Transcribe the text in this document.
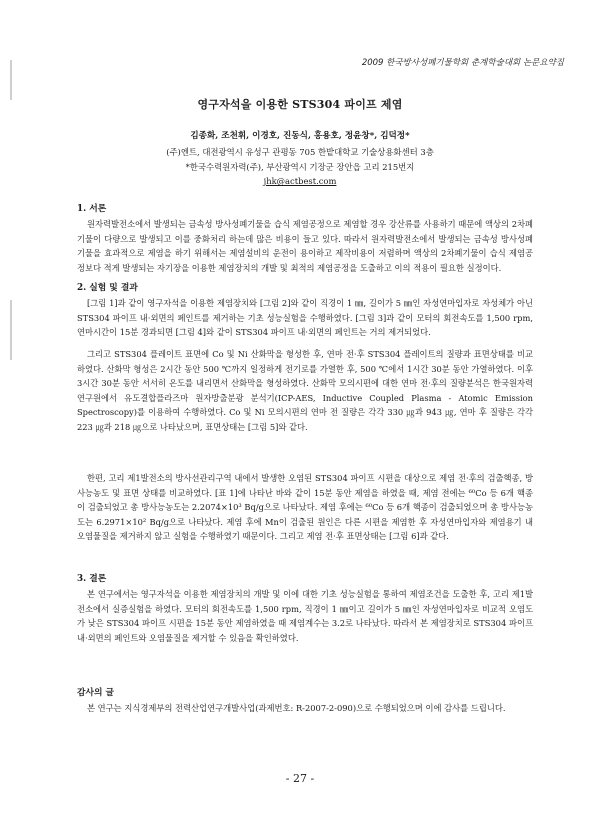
2009 한국방사성폐기물학회 춘계학술대회 논문요약집
영구자석을 이용한 STS304 파이프 제염
김종화, 조천휘, 이경호, 진동식, 홍용호, 정윤창*, 김덕정*
(주)엔트, 대전광역시 유성구 관평동 705 한밭대학교 기술상용화센터 3층
*한국수력원자력(주), 부산광역시 기장군 장안읍 고리 215번지
jhk@actbest.com
1. 서론

원자력발전소에서 발생되는 금속성 방사성폐기물을 습식 제염공정으로 제염할 경우 강산류를 사용하기 때문에 액상의 2차폐기물이 다량으로 발생되고 이를 중화처리 하는데 많은 비용이 들고 있다. 따라서 원자력발전소에서 발생되는 금속성 방사성폐기물을 효과적으로 제염을 하기 위해서는 제염설비의 운전이 용이하고 제작비용이 저렴하며 액상의 2차폐기물이 습식 제염공정보다 적게 발생되는 자기장을 이용한 제염장치의 개발 및 최적의 제염공정을 도출하고 이의 적용이 필요한 실정이다.

2. 실험 및 결과

[그림 1]과 같이 영구자석을 이용한 제염장치와 [그림 2]와 같이 직경이 1 ㎜, 길이가 5 ㎜인 자성연마입자로 자성체가 아닌 STS304 파이프 내·외면의 페인트를 제거하는 기초 성능실험을 수행하였다. [그림 3]과 같이 모터의 회전속도를 1,500 rpm, 연마시간이 15분 경과되면 [그림 4]와 같이 STS304 파이프 내·외면의 페인트는 거의 제거되었다.

그리고 STS304 플레이트 표면에 Co 및 Ni 산화막을 형성한 후, 연마 전·후 STS304 플레이트의 질량과 표면상태를 비교하였다. 산화막 형성은 2시간 동안 500 ℃까지 일정하게 전기로를 가열한 후, 500 ℃에서 1시간 30분 동안 가열하였다. 이후 3시간 30분 동안 서서히 온도를 내리면서 산화막을 형성하였다. 산화막 모의시편에 대한 연마 전·후의 질량분석은 한국원자력연구원에서 유도결합플라즈마 원자방출분광 분석기(ICP-AES, Inductive Coupled Plasma - Atomic Emission Spectroscopy)를 이용하여 수행하였다. Co 및 Ni 모의시편의 연마 전 질량은 각각 330 ㎍과 943 ㎍, 연마 후 질량은 각각 223 ㎍과 218 ㎍으로 나타났으며, 표면상태는 [그림 5]와 같다.

한편, 고리 제1발전소의 방사선관리구역 내에서 발생한 오염된 STS304 파이프 시편을 대상으로 제염 전·후의 검출핵종, 방사능농도 및 표면 상태를 비교하였다. [표 1]에 나타난 바와 같이 15분 동안 제염을 하였을 때, 제염 전에는 ⁶⁰Co 등 6개 핵종이 검출되었고 총 방사능농도는 2.2074×10³ Bq/g으로 나타났다. 제염 후에는 ⁶⁰Co 등 6개 핵종이 검출되었으며 총 방사능농도는 6.2971×10² Bq/g으로 나타났다. 제염 후에 Mn이 검출된 원인은 다른 시편을 제염한 후 자성연마입자와 제염용기 내 오염물질을 제거하지 않고 실험을 수행하였기 때문이다. 그리고 제염 전·후 표면상태는 [그림 6]과 같다.

3. 결론

본 연구에서는 영구자석을 이용한 제염장치의 개발 및 이에 대한 기초 성능실험을 통하여 제염조건을 도출한 후, 고리 제1발전소에서 실증실험을 하였다. 모터의 회전속도를 1,500 rpm, 직경이 1 ㎜이고 길이가 5 ㎜인 자성연마입자로 비교적 오염도가 낮은 STS304 파이프 시편을 15분 동안 제염하였을 때 제염계수는 3.2로 나타났다. 따라서 본 제염장치로 STS304 파이프 내·외면의 페인트와 오염물질을 제거할 수 있음을 확인하였다.

감사의 글

본 연구는 지식경제부의 전력산업연구개발사업(과제번호: R-2007-2-090)으로 수행되었으며 이에 감사를 드립니다.

- 27 -
